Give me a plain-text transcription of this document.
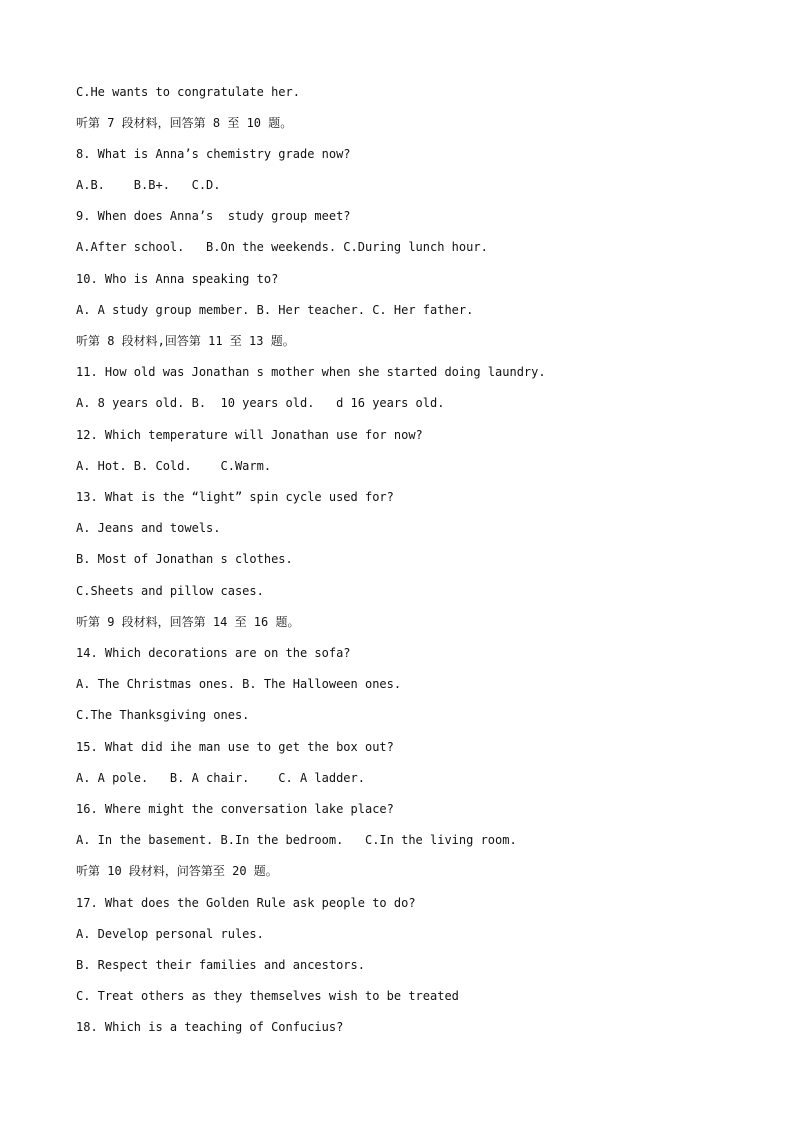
C.He wants to congratulate her.
听第 7 段材料，回答第 8 至 10 题。
8. What is Anna’s chemistry grade now?
A.B.    B.B+.   C.D.
9. When does Anna’s  study group meet?
A.After school.   B.On the weekends. C.During lunch hour.
10. Who is Anna speaking to?
A. A study group member. B. Her teacher. C. Her father.
听第 8 段材料,回答第 11 至 13 题。
11. How old was Jonathan s mother when she started doing laundry.
A. 8 years old. B.  10 years old.   d 16 years old.
12. Which temperature will Jonathan use for now?
A. Hot. B. Cold.    C.Warm.
13. What is the “light” spin cycle used for?
A. Jeans and towels.
B. Most of Jonathan s clothes.
C.Sheets and pillow cases.
听第 9 段材料，回答第 14 至 16 题。
14. Which decorations are on the sofa?
A. The Christmas ones. B. The Halloween ones.
C.The Thanksgiving ones.
15. What did ihe man use to get the box out?
A. A pole.   B. A chair.    C. A ladder.
16. Where might the conversation lake place?
A. In the basement. B.In the bedroom.   C.In the living room.
听第 10 段材料，问答第至 20 题。
17. What does the Golden Rule ask people to do?
A. Develop personal rules.
B. Respect their families and ancestors.
C. Treat others as they themselves wish to be treated
18. Which is a teaching of Confucius?
